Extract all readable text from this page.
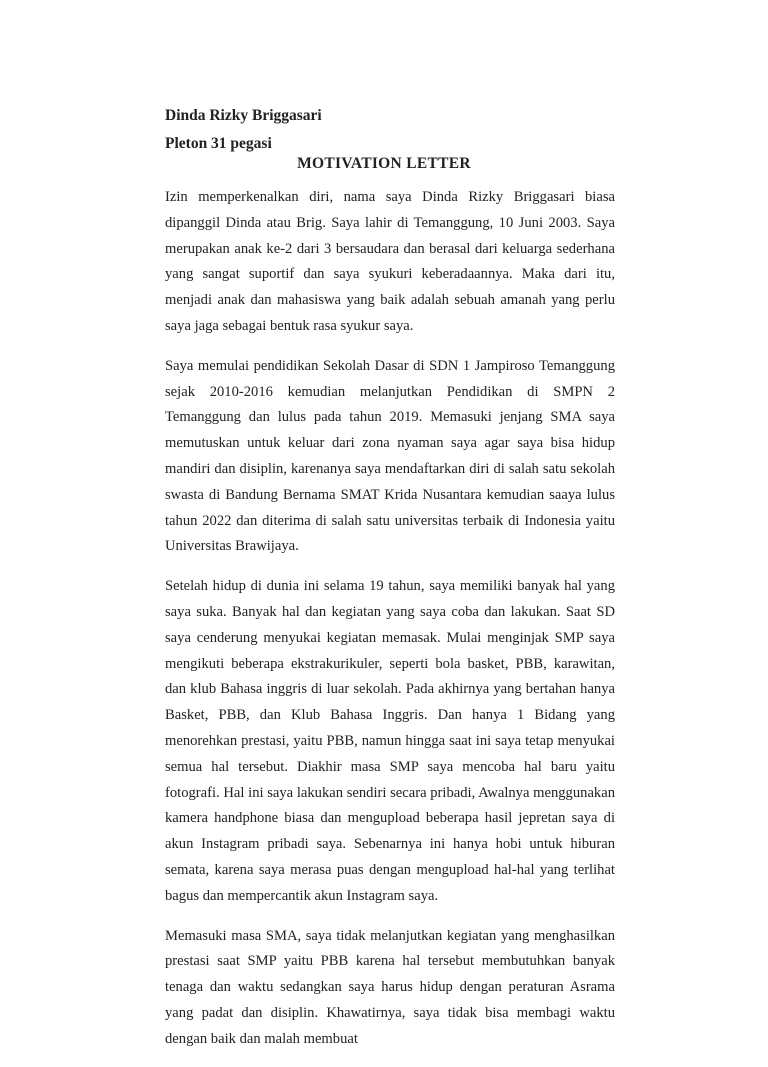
Dinda Rizky Briggasari
Pleton 31 pegasi
MOTIVATION LETTER

Izin memperkenalkan diri, nama saya Dinda Rizky Briggasari biasa dipanggil Dinda atau Brig. Saya lahir di Temanggung, 10 Juni 2003. Saya merupakan anak ke-2 dari 3 bersaudara dan berasal dari keluarga sederhana yang sangat suportif dan saya syukuri keberadaannya. Maka dari itu, menjadi anak dan mahasiswa yang baik adalah sebuah amanah yang perlu saya jaga sebagai bentuk rasa syukur saya.

Saya memulai pendidikan Sekolah Dasar di SDN 1 Jampiroso Temanggung sejak 2010-2016 kemudian melanjutkan Pendidikan di SMPN 2 Temanggung dan lulus pada tahun 2019. Memasuki jenjang SMA saya memutuskan untuk keluar dari zona nyaman saya agar saya bisa hidup mandiri dan disiplin, karenanya saya mendaftarkan diri di salah satu sekolah swasta di Bandung Bernama SMAT Krida Nusantara kemudian saaya lulus tahun 2022 dan diterima di salah satu universitas terbaik di Indonesia yaitu Universitas Brawijaya.

Setelah hidup di dunia ini selama 19 tahun, saya memiliki banyak hal yang saya suka. Banyak hal dan kegiatan yang saya coba dan lakukan. Saat SD saya cenderung menyukai kegiatan memasak. Mulai menginjak SMP saya mengikuti beberapa ekstrakurikuler, seperti bola basket, PBB, karawitan, dan klub Bahasa inggris di luar sekolah. Pada akhirnya yang bertahan hanya Basket, PBB, dan Klub Bahasa Inggris. Dan hanya 1 Bidang yang menorehkan prestasi, yaitu PBB, namun hingga saat ini saya tetap menyukai semua hal tersebut. Diakhir masa SMP saya mencoba hal baru yaitu fotografi. Hal ini saya lakukan sendiri secara pribadi, Awalnya menggunakan kamera handphone biasa dan mengupload beberapa hasil jepretan saya di akun Instagram pribadi saya. Sebenarnya ini hanya hobi untuk hiburan semata, karena saya merasa puas dengan mengupload hal-hal yang terlihat bagus dan mempercantik akun Instagram saya.

Memasuki masa SMA, saya tidak melanjutkan kegiatan yang menghasilkan prestasi saat SMP yaitu PBB karena hal tersebut membutuhkan banyak tenaga dan waktu sedangkan saya harus hidup dengan peraturan Asrama yang padat dan disiplin. Khawatirnya, saya tidak bisa membagi waktu dengan baik dan malah membuat
